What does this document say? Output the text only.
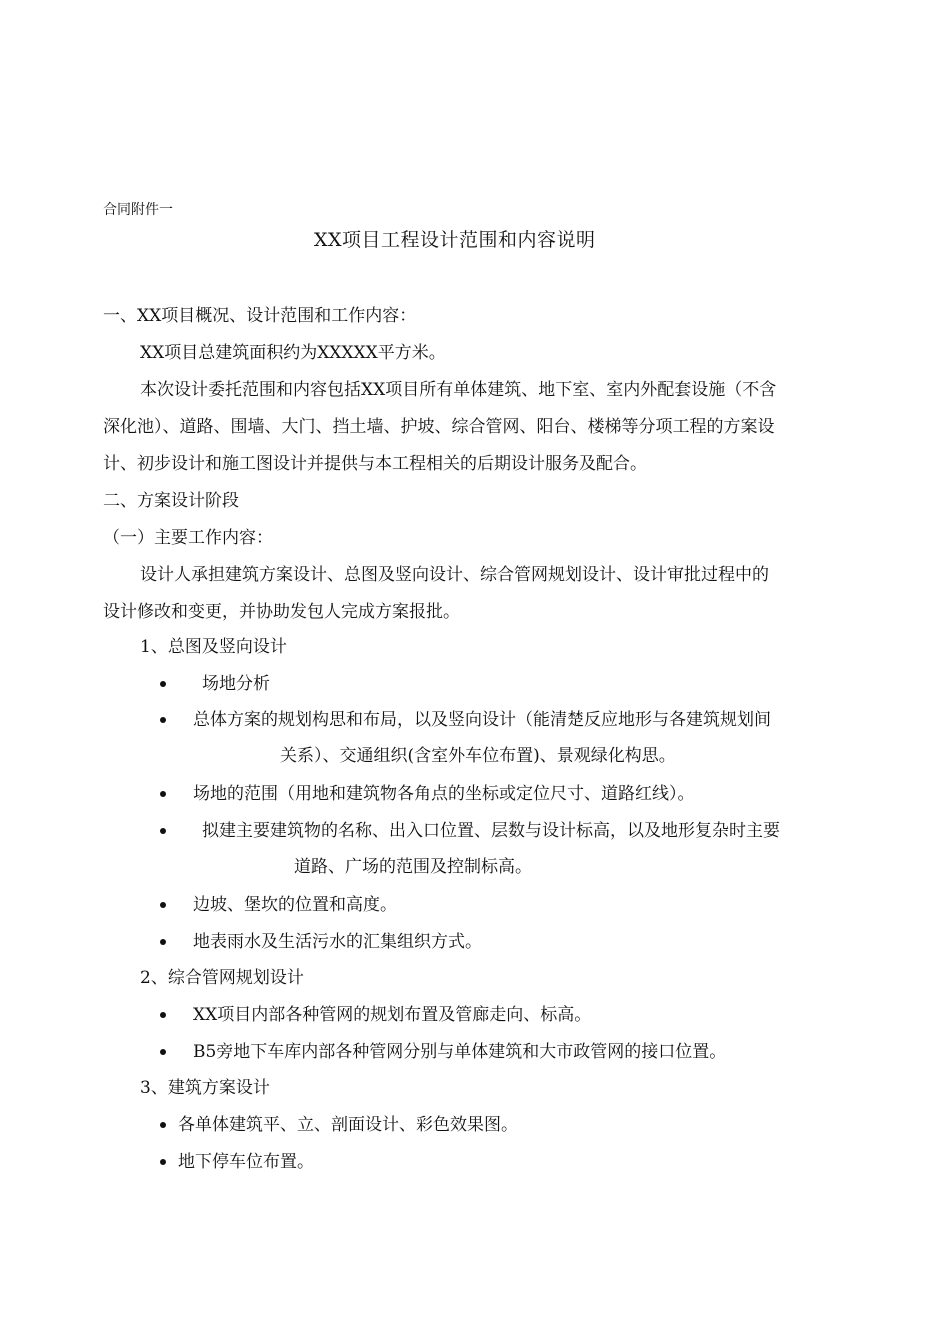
合同附件一
XX项目工程设计范围和内容说明
一、XX项目概况、设计范围和工作内容：
XX项目总建筑面积约为XXXXX平方米。
本次设计委托范围和内容包括XX项目所有单体建筑、地下室、室内外配套设施（不含
深化池）、道路、围墙、大门、挡土墙、护坡、综合管网、阳台、楼梯等分项工程的方案设
计、初步设计和施工图设计并提供与本工程相关的后期设计服务及配合。
二、方案设计阶段
（一）主要工作内容：
设计人承担建筑方案设计、总图及竖向设计、综合管网规划设计、设计审批过程中的
设计修改和变更，并协助发包人完成方案报批。
1、总图及竖向设计
场地分析
总体方案的规划构思和布局，以及竖向设计（能清楚反应地形与各建筑规划间
关系）、交通组织(含室外车位布置)、景观绿化构思。
场地的范围（用地和建筑物各角点的坐标或定位尺寸、道路红线）。
拟建主要建筑物的名称、出入口位置、层数与设计标高，以及地形复杂时主要
道路、广场的范围及控制标高。
边坡、堡坎的位置和高度。
地表雨水及生活污水的汇集组织方式。
2、综合管网规划设计
XX项目内部各种管网的规划布置及管廊走向、标高。
B5旁地下车库内部各种管网分别与单体建筑和大市政管网的接口位置。
3、建筑方案设计
各单体建筑平、立、剖面设计、彩色效果图。
地下停车位布置。
